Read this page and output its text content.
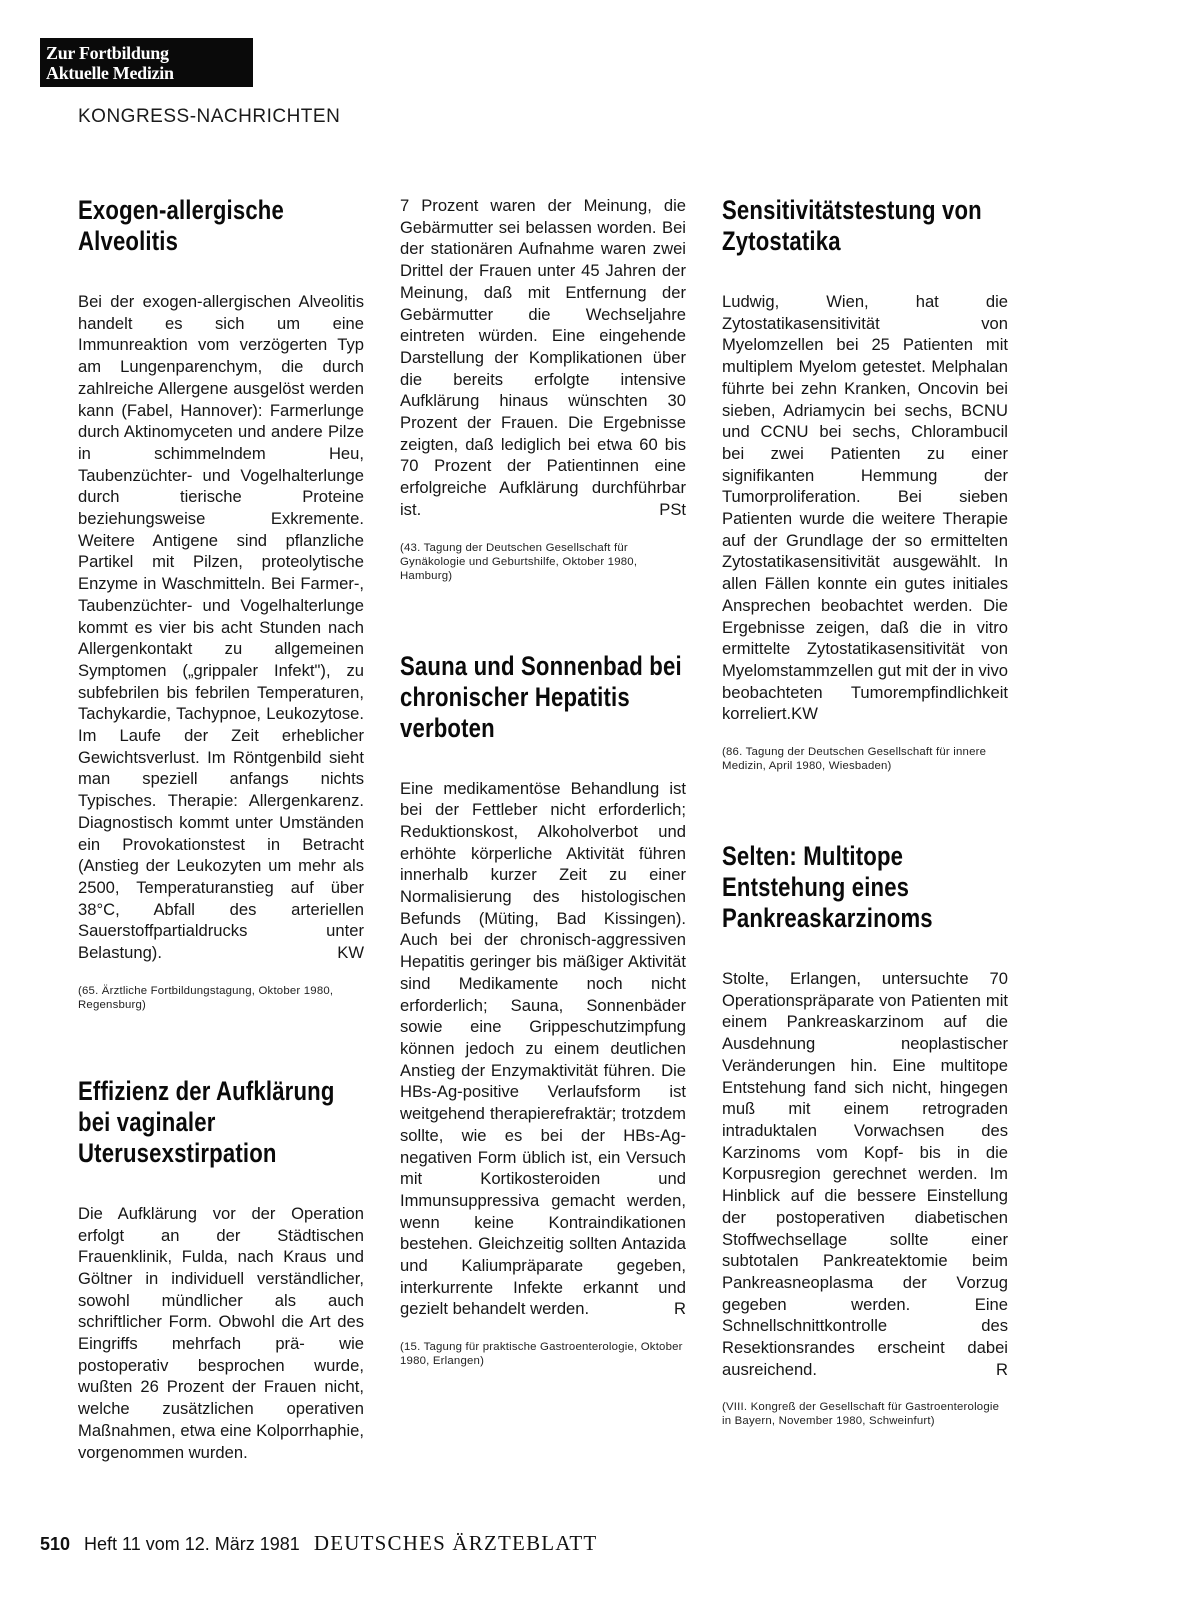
Zur Fortbildung
Aktuelle Medizin
KONGRESS-NACHRICHTEN
Exogen-allergische Alveolitis

Bei der exogen-allergischen Alveolitis handelt es sich um eine Immunreaktion vom verzögerten Typ am Lungenparenchym, die durch zahlreiche Allergene ausgelöst werden kann (Fabel, Hannover): Farmerlunge durch Aktinomyceten und andere Pilze in schimmelndem Heu, Taubenzüchter- und Vogelhalterlunge durch tierische Proteine beziehungsweise Exkremente. Weitere Antigene sind pflanzliche Partikel mit Pilzen, proteolytische Enzyme in Waschmitteln. Bei Farmer-, Taubenzüchter- und Vogelhalterlunge kommt es vier bis acht Stunden nach Allergenkontakt zu allgemeinen Symptomen („grippaler Infekt"), zu subfebrilen bis febrilen Temperaturen, Tachykardie, Tachypnoe, Leukozytose. Im Laufe der Zeit erheblicher Gewichtsverlust. Im Röntgenbild sieht man speziell anfangs nichts Typisches. Therapie: Allergenkarenz. Diagnostisch kommt unter Umständen ein Provokationstest in Betracht (Anstieg der Leukozyten um mehr als 2500, Temperaturanstieg auf über 38°C, Abfall des arteriellen Sauerstoffpartialdrucks unter Belastung).	KW

(65. Ärztliche Fortbildungstagung, Oktober 1980, Regensburg)

Effizienz der Aufklärung bei vaginaler Uterusexstirpation

Die Aufklärung vor der Operation erfolgt an der Städtischen Frauenklinik, Fulda, nach Kraus und Göltner in individuell verständlicher, sowohl mündlicher als auch schriftlicher Form. Obwohl die Art des Eingriffs mehrfach prä- wie postoperativ besprochen wurde, wußten 26 Prozent der Frauen nicht, welche zusätzlichen operativen Maßnahmen, etwa eine Kolporrhaphie, vorgenommen wurden.

7 Prozent waren der Meinung, die Gebärmutter sei belassen worden. Bei der stationären Aufnahme waren zwei Drittel der Frauen unter 45 Jahren der Meinung, daß mit Entfernung der Gebärmutter die Wechseljahre eintreten würden. Eine eingehende Darstellung der Komplikationen über die bereits erfolgte intensive Aufklärung hinaus wünschten 30 Prozent der Frauen. Die Ergebnisse zeigten, daß lediglich bei etwa 60 bis 70 Prozent der Patientinnen eine erfolgreiche Aufklärung durchführbar ist.	PSt

(43. Tagung der Deutschen Gesellschaft für Gynäkologie und Geburtshilfe, Oktober 1980, Hamburg)

Sauna und Sonnenbad bei chronischer Hepatitis verboten

Eine medikamentöse Behandlung ist bei der Fettleber nicht erforderlich; Reduktionskost, Alkoholverbot und erhöhte körperliche Aktivität führen innerhalb kurzer Zeit zu einer Normalisierung des histologischen Befunds (Müting, Bad Kissingen). Auch bei der chronisch-aggressiven Hepatitis geringer bis mäßiger Aktivität sind Medikamente noch nicht erforderlich; Sauna, Sonnenbäder sowie eine Grippeschutzimpfung können jedoch zu einem deutlichen Anstieg der Enzymaktivität führen. Die HBs-Ag-positive Verlaufsform ist weitgehend therapierefraktär; trotzdem sollte, wie es bei der HBs-Ag-negativen Form üblich ist, ein Versuch mit Kortikosteroiden und Immunsuppressiva gemacht werden, wenn keine Kontraindikationen bestehen. Gleichzeitig sollten Antazida und Kaliumpräparate gegeben, interkurrente Infekte erkannt und gezielt behandelt werden.	R

(15. Tagung für praktische Gastroenterologie, Oktober 1980, Erlangen)

Sensitivitätstestung von Zytostatika

Ludwig, Wien, hat die Zytostatikasensitivität von Myelomzellen bei 25 Patienten mit multiplem Myelom getestet. Melphalan führte bei zehn Kranken, Oncovin bei sieben, Adriamycin bei sechs, BCNU und CCNU bei sechs, Chlorambucil bei zwei Patienten zu einer signifikanten Hemmung der Tumorproliferation. Bei sieben Patienten wurde die weitere Therapie auf der Grundlage der so ermittelten Zytostatikasensitivität ausgewählt. In allen Fällen konnte ein gutes initiales Ansprechen beobachtet werden. Die Ergebnisse zeigen, daß die in vitro ermittelte Zytostatikasensitivität von Myelomstammzellen gut mit der in vivo beobachteten Tumorempfindlichkeit korreliert.KW

(86. Tagung der Deutschen Gesellschaft für innere Medizin, April 1980, Wiesbaden)

Selten: Multitope Entstehung eines Pankreaskarzinoms

Stolte, Erlangen, untersuchte 70 Operationspräparate von Patienten mit einem Pankreaskarzinom auf die Ausdehnung neoplastischer Veränderungen hin. Eine multitope Entstehung fand sich nicht, hingegen muß mit einem retrograden intraduktalen Vorwachsen des Karzinoms vom Kopf- bis in die Korpusregion gerechnet werden. Im Hinblick auf die bessere Einstellung der postoperativen diabetischen Stoffwechsellage sollte einer subtotalen Pankreatektomie beim Pankreasneoplasma der Vorzug gegeben werden. Eine Schnellschnittkontrolle des Resektionsrandes erscheint dabei ausreichend.	R

(VIII. Kongreß der Gesellschaft für Gastroenterologie in Bayern, November 1980, Schweinfurt)

510 Heft 11 vom 12. März 1981 DEUTSCHES ÄRZTEBLATT
